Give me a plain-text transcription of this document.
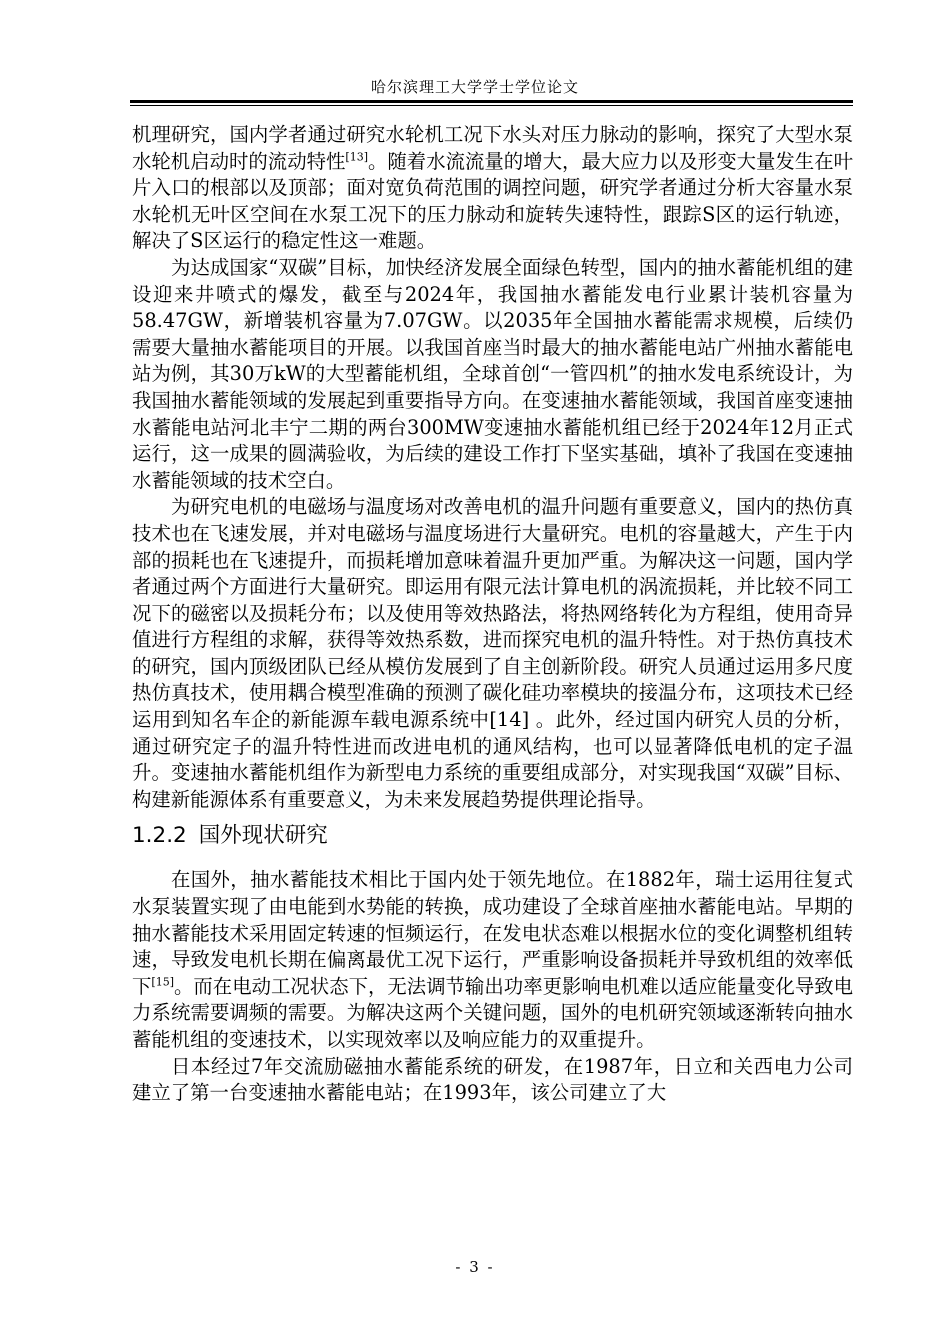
哈尔滨理工大学学士学位论文

机理研究，国内学者通过研究水轮机工况下水头对压力脉动的影响，探究了大型水泵水轮机启动时的流动特性[13]。随着水流流量的增大，最大应力以及形变大量发生在叶片入口的根部以及顶部；面对宽负荷范围的调控问题，研究学者通过分析大容量水泵水轮机无叶区空间在水泵工况下的压力脉动和旋转失速特性，跟踪S区的运行轨迹，解决了S区运行的稳定性这一难题。

为达成国家“双碳”目标，加快经济发展全面绿色转型，国内的抽水蓄能机组的建设迎来井喷式的爆发，截至与2024年，我国抽水蓄能发电行业累计装机容量为58.47GW，新增装机容量为7.07GW。以2035年全国抽水蓄能需求规模，后续仍需要大量抽水蓄能项目的开展。以我国首座当时最大的抽水蓄能电站广州抽水蓄能电站为例，其30万kW的大型蓄能机组，全球首创“一管四机”的抽水发电系统设计，为我国抽水蓄能领域的发展起到重要指导方向。在变速抽水蓄能领域，我国首座变速抽水蓄能电站河北丰宁二期的两台300MW变速抽水蓄能机组已经于2024年12月正式运行，这一成果的圆满验收，为后续的建设工作打下坚实基础，填补了我国在变速抽水蓄能领域的技术空白。

为研究电机的电磁场与温度场对改善电机的温升问题有重要意义，国内的热仿真技术也在飞速发展，并对电磁场与温度场进行大量研究。电机的容量越大，产生于内部的损耗也在飞速提升，而损耗增加意味着温升更加严重。为解决这一问题，国内学者通过两个方面进行大量研究。即运用有限元法计算电机的涡流损耗，并比较不同工况下的磁密以及损耗分布；以及使用等效热路法，将热网络转化为方程组，使用奇异值进行方程组的求解，获得等效热系数，进而探究电机的温升特性。对于热仿真技术的研究，国内顶级团队已经从模仿发展到了自主创新阶段。研究人员通过运用多尺度热仿真技术，使用耦合模型准确的预测了碳化硅功率模块的接温分布，这项技术已经运用到知名车企的新能源车载电源系统中[14] 。此外，经过国内研究人员的分析，通过研究定子的温升特性进而改进电机的通风结构，也可以显著降低电机的定子温升。变速抽水蓄能机组作为新型电力系统的重要组成部分，对实现我国“双碳”目标、构建新能源体系有重要意义，为未来发展趋势提供理论指导。

1.2.2 国外现状研究

在国外，抽水蓄能技术相比于国内处于领先地位。在1882年，瑞士运用往复式水泵装置实现了由电能到水势能的转换，成功建设了全球首座抽水蓄能电站。早期的抽水蓄能技术采用固定转速的恒频运行，在发电状态难以根据水位的变化调整机组转速，导致发电机长期在偏离最优工况下运行，严重影响设备损耗并导致机组的效率低下[15]。而在电动工况状态下，无法调节输出功率更影响电机难以适应能量变化导致电力系统需要调频的需要。为解决这两个关键问题，国外的电机研究领域逐渐转向抽水蓄能机组的变速技术，以实现效率以及响应能力的双重提升。

日本经过7年交流励磁抽水蓄能系统的研发，在1987年，日立和关西电力公司建立了第一台变速抽水蓄能电站；在1993年，该公司建立了大

- 3 -
